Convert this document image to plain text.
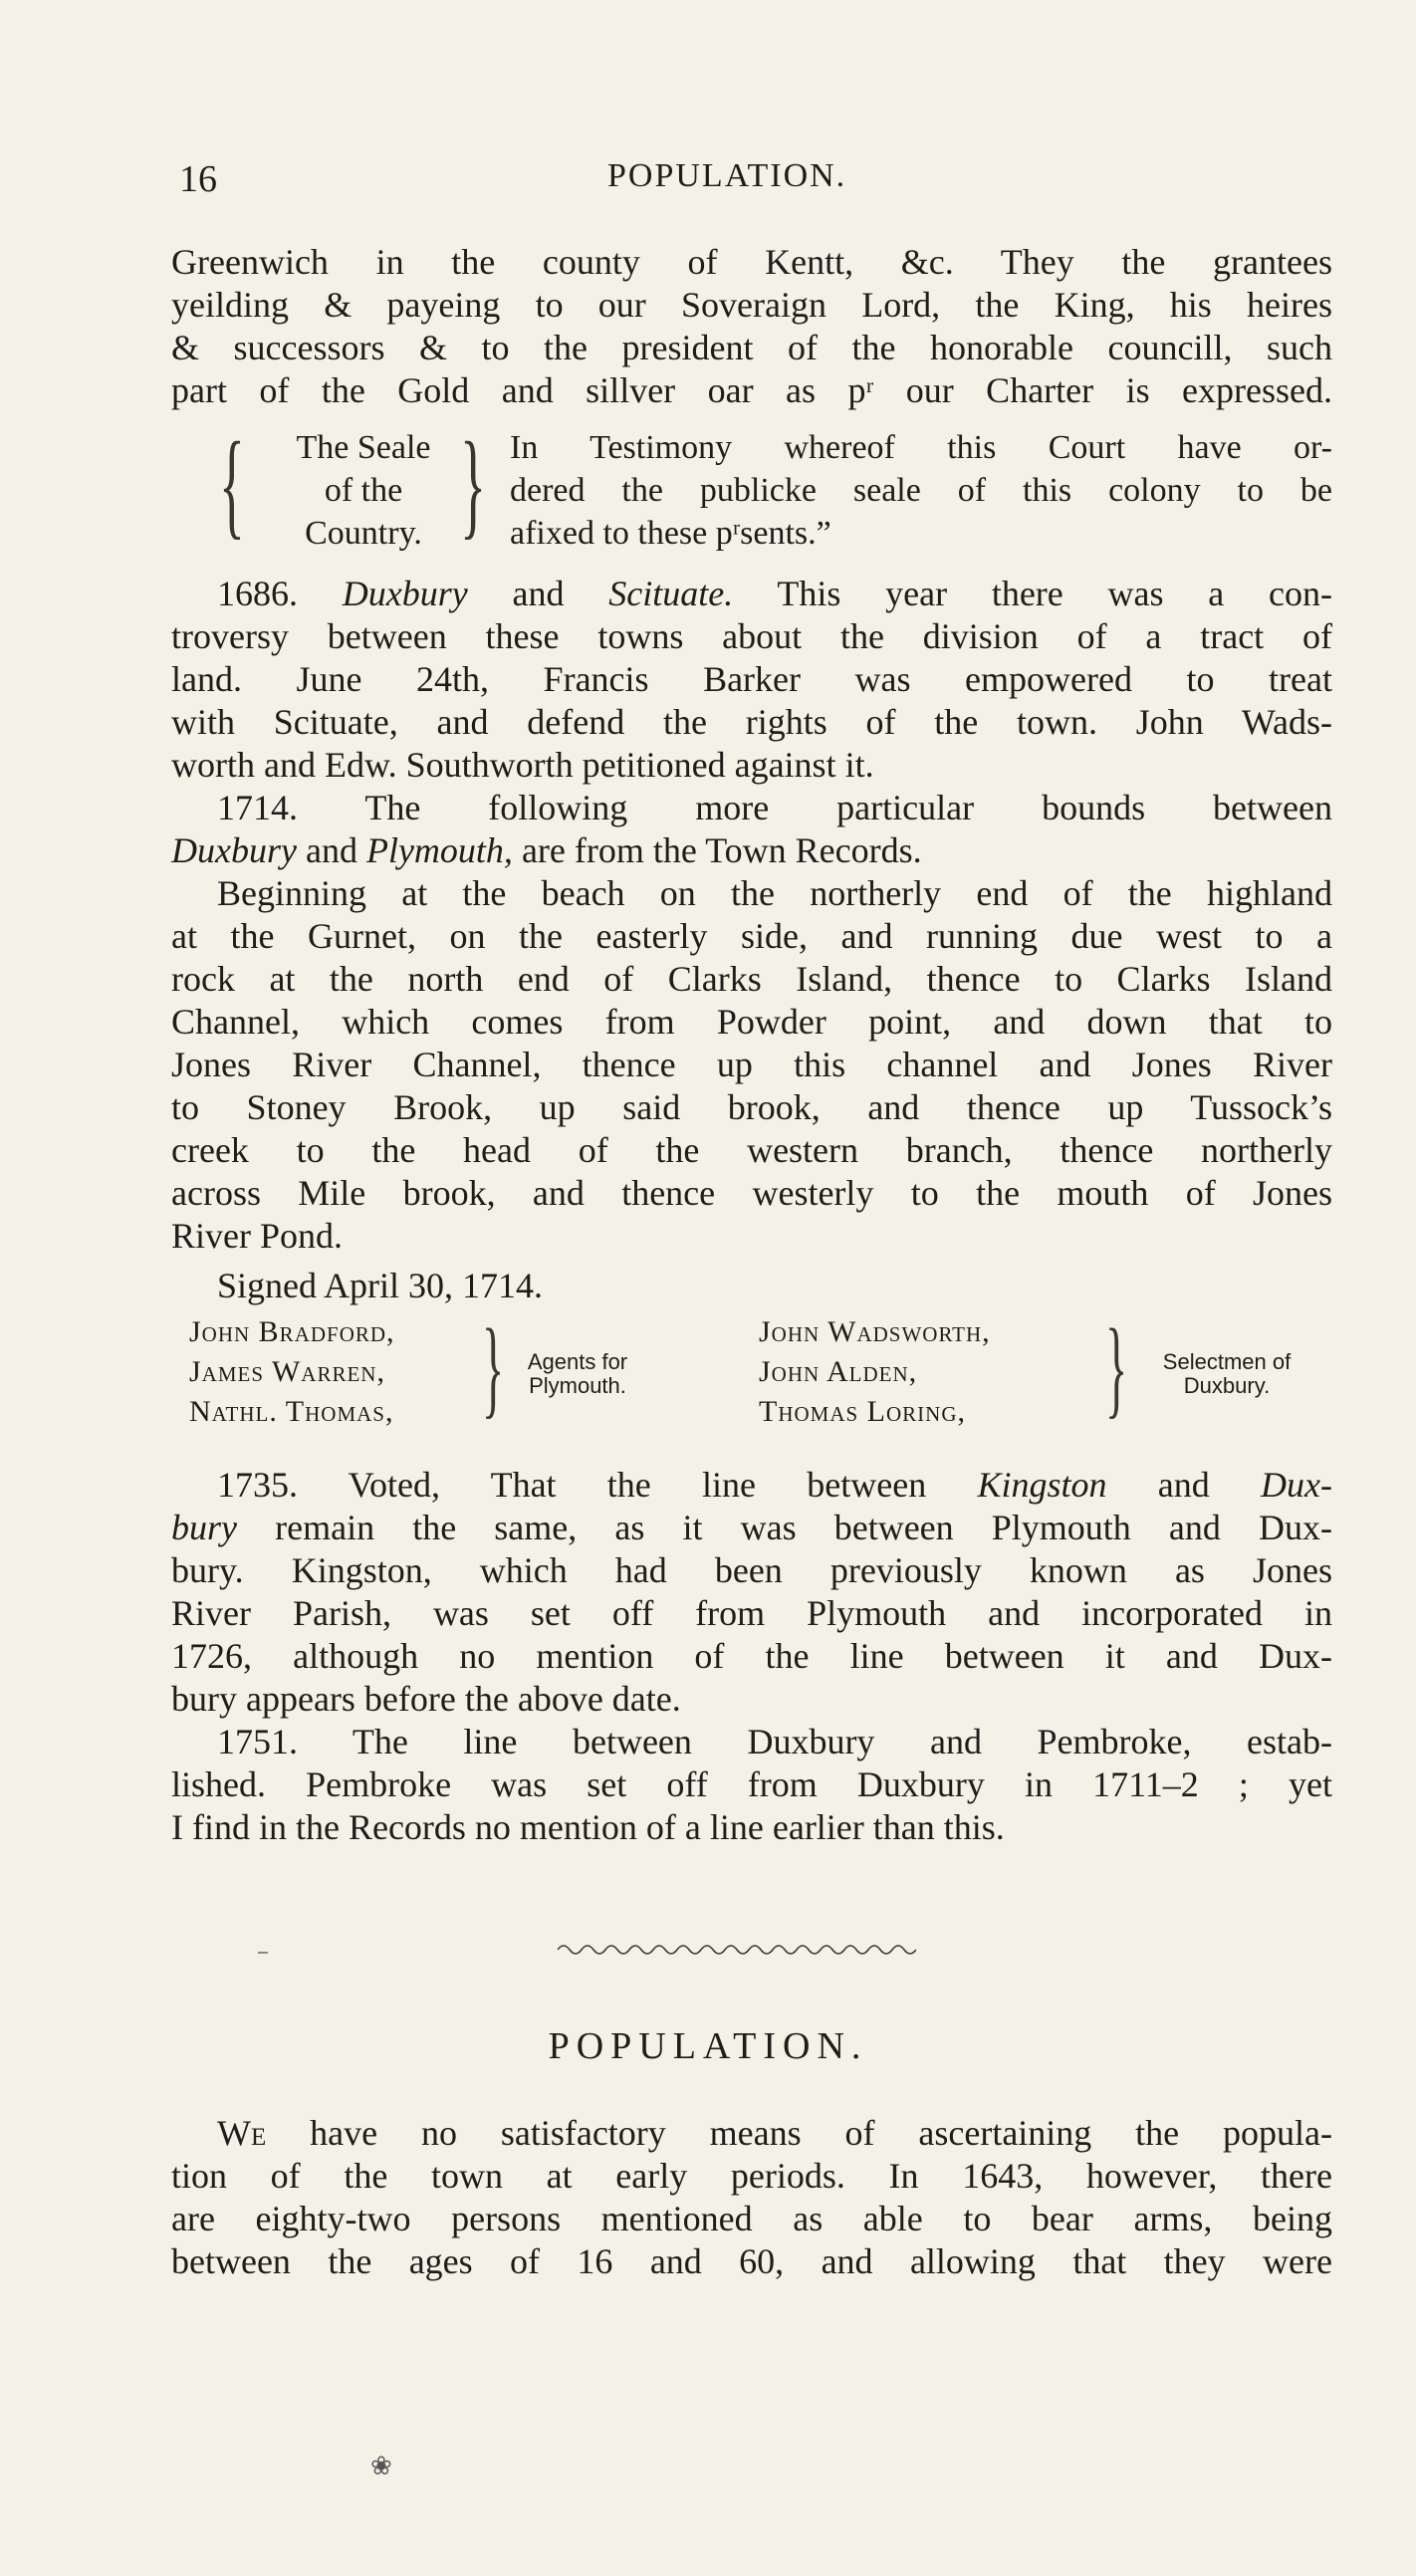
16	POPULATION.

Greenwich in the county of Kentt, &c. They the grantees

yeilding & payeing to our Soveraign Lord, the King, his heires

& successors & to the president of the honorable councill, such

part of the Gold and sillver oar as pʳ our Charter is expressed.

{	The Seale
of the
Country. } In Testimony whereof this Court have or-
dered the publicke seale of this colony to be
afixed to these pʳsents.”

1686. Duxbury and Scituate. This year there was a con-

troversy between these towns about the division of a tract of

land. June 24th, Francis Barker was empowered to treat

with Scituate, and defend the rights of the town. John Wads-

worth and Edw. Southworth petitioned against it.

1714. The following more particular bounds between

Duxbury and Plymouth, are from the Town Records.

Beginning at the beach on the northerly end of the highland

at the Gurnet, on the easterly side, and running due west to a

rock at the north end of Clarks Island, thence to Clarks Island

Channel, which comes from Powder point, and down that to

Jones River Channel, thence up this channel and Jones River

to Stoney Brook, up said brook, and thence up Tussock’s

creek to the head of the western branch, thence northerly

across Mile brook, and thence westerly to the mouth of Jones

River Pond.

Signed April 30, 1714.

John Bradford,
James Warren,
Nathl. Thomas, }	Agents for
Plymouth.
John Wadsworth,
John Alden,
Thomas Loring, }	Selectmen of
Duxbury.

1735. Voted, That the line between Kingston and Dux-

bury remain the same, as it was between Plymouth and Dux-

bury. Kingston, which had been previously known as Jones

River Parish, was set off from Plymouth and incorporated in

1726, although no mention of the line between it and Dux-

bury appears before the above date.

1751. The line between Duxbury and Pembroke, estab-

lished. Pembroke was set off from Duxbury in 1711–2 ; yet

I find in the Records no mention of a line earlier than this.

POPULATION.

We have no satisfactory means of ascertaining the popula-

tion of the town at early periods. In 1643, however, there

are eighty-two persons mentioned as able to bear arms, being

between the ages of 16 and 60, and allowing that they were

❀
